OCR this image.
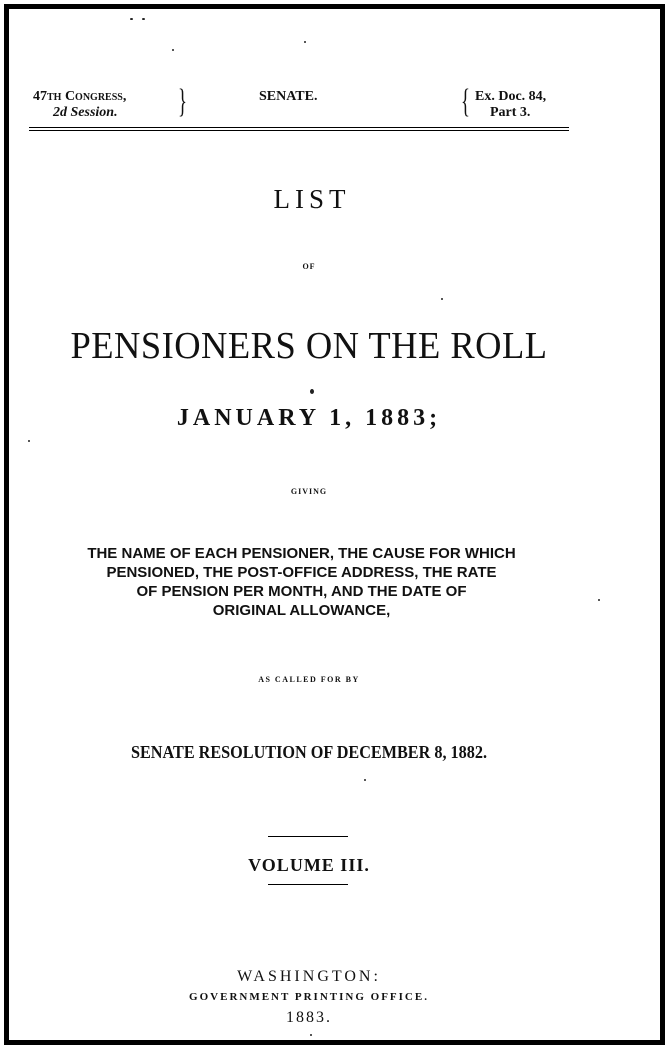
47th Congress,
2d Session. }	SENATE.	{ Ex. Doc. 84,
Part 3.
LIST
OF
PENSIONERS ON THE ROLL
JANUARY 1, 1883;
GIVING
THE NAME OF EACH PENSIONER, THE CAUSE FOR WHICH
PENSIONED, THE POST-OFFICE ADDRESS, THE RATE
OF PENSION PER MONTH, AND THE DATE OF
ORIGINAL ALLOWANCE,
AS CALLED FOR BY
SENATE RESOLUTION OF DECEMBER 8, 1882.
VOLUME III.
WASHINGTON:
GOVERNMENT PRINTING OFFICE.
1883.
